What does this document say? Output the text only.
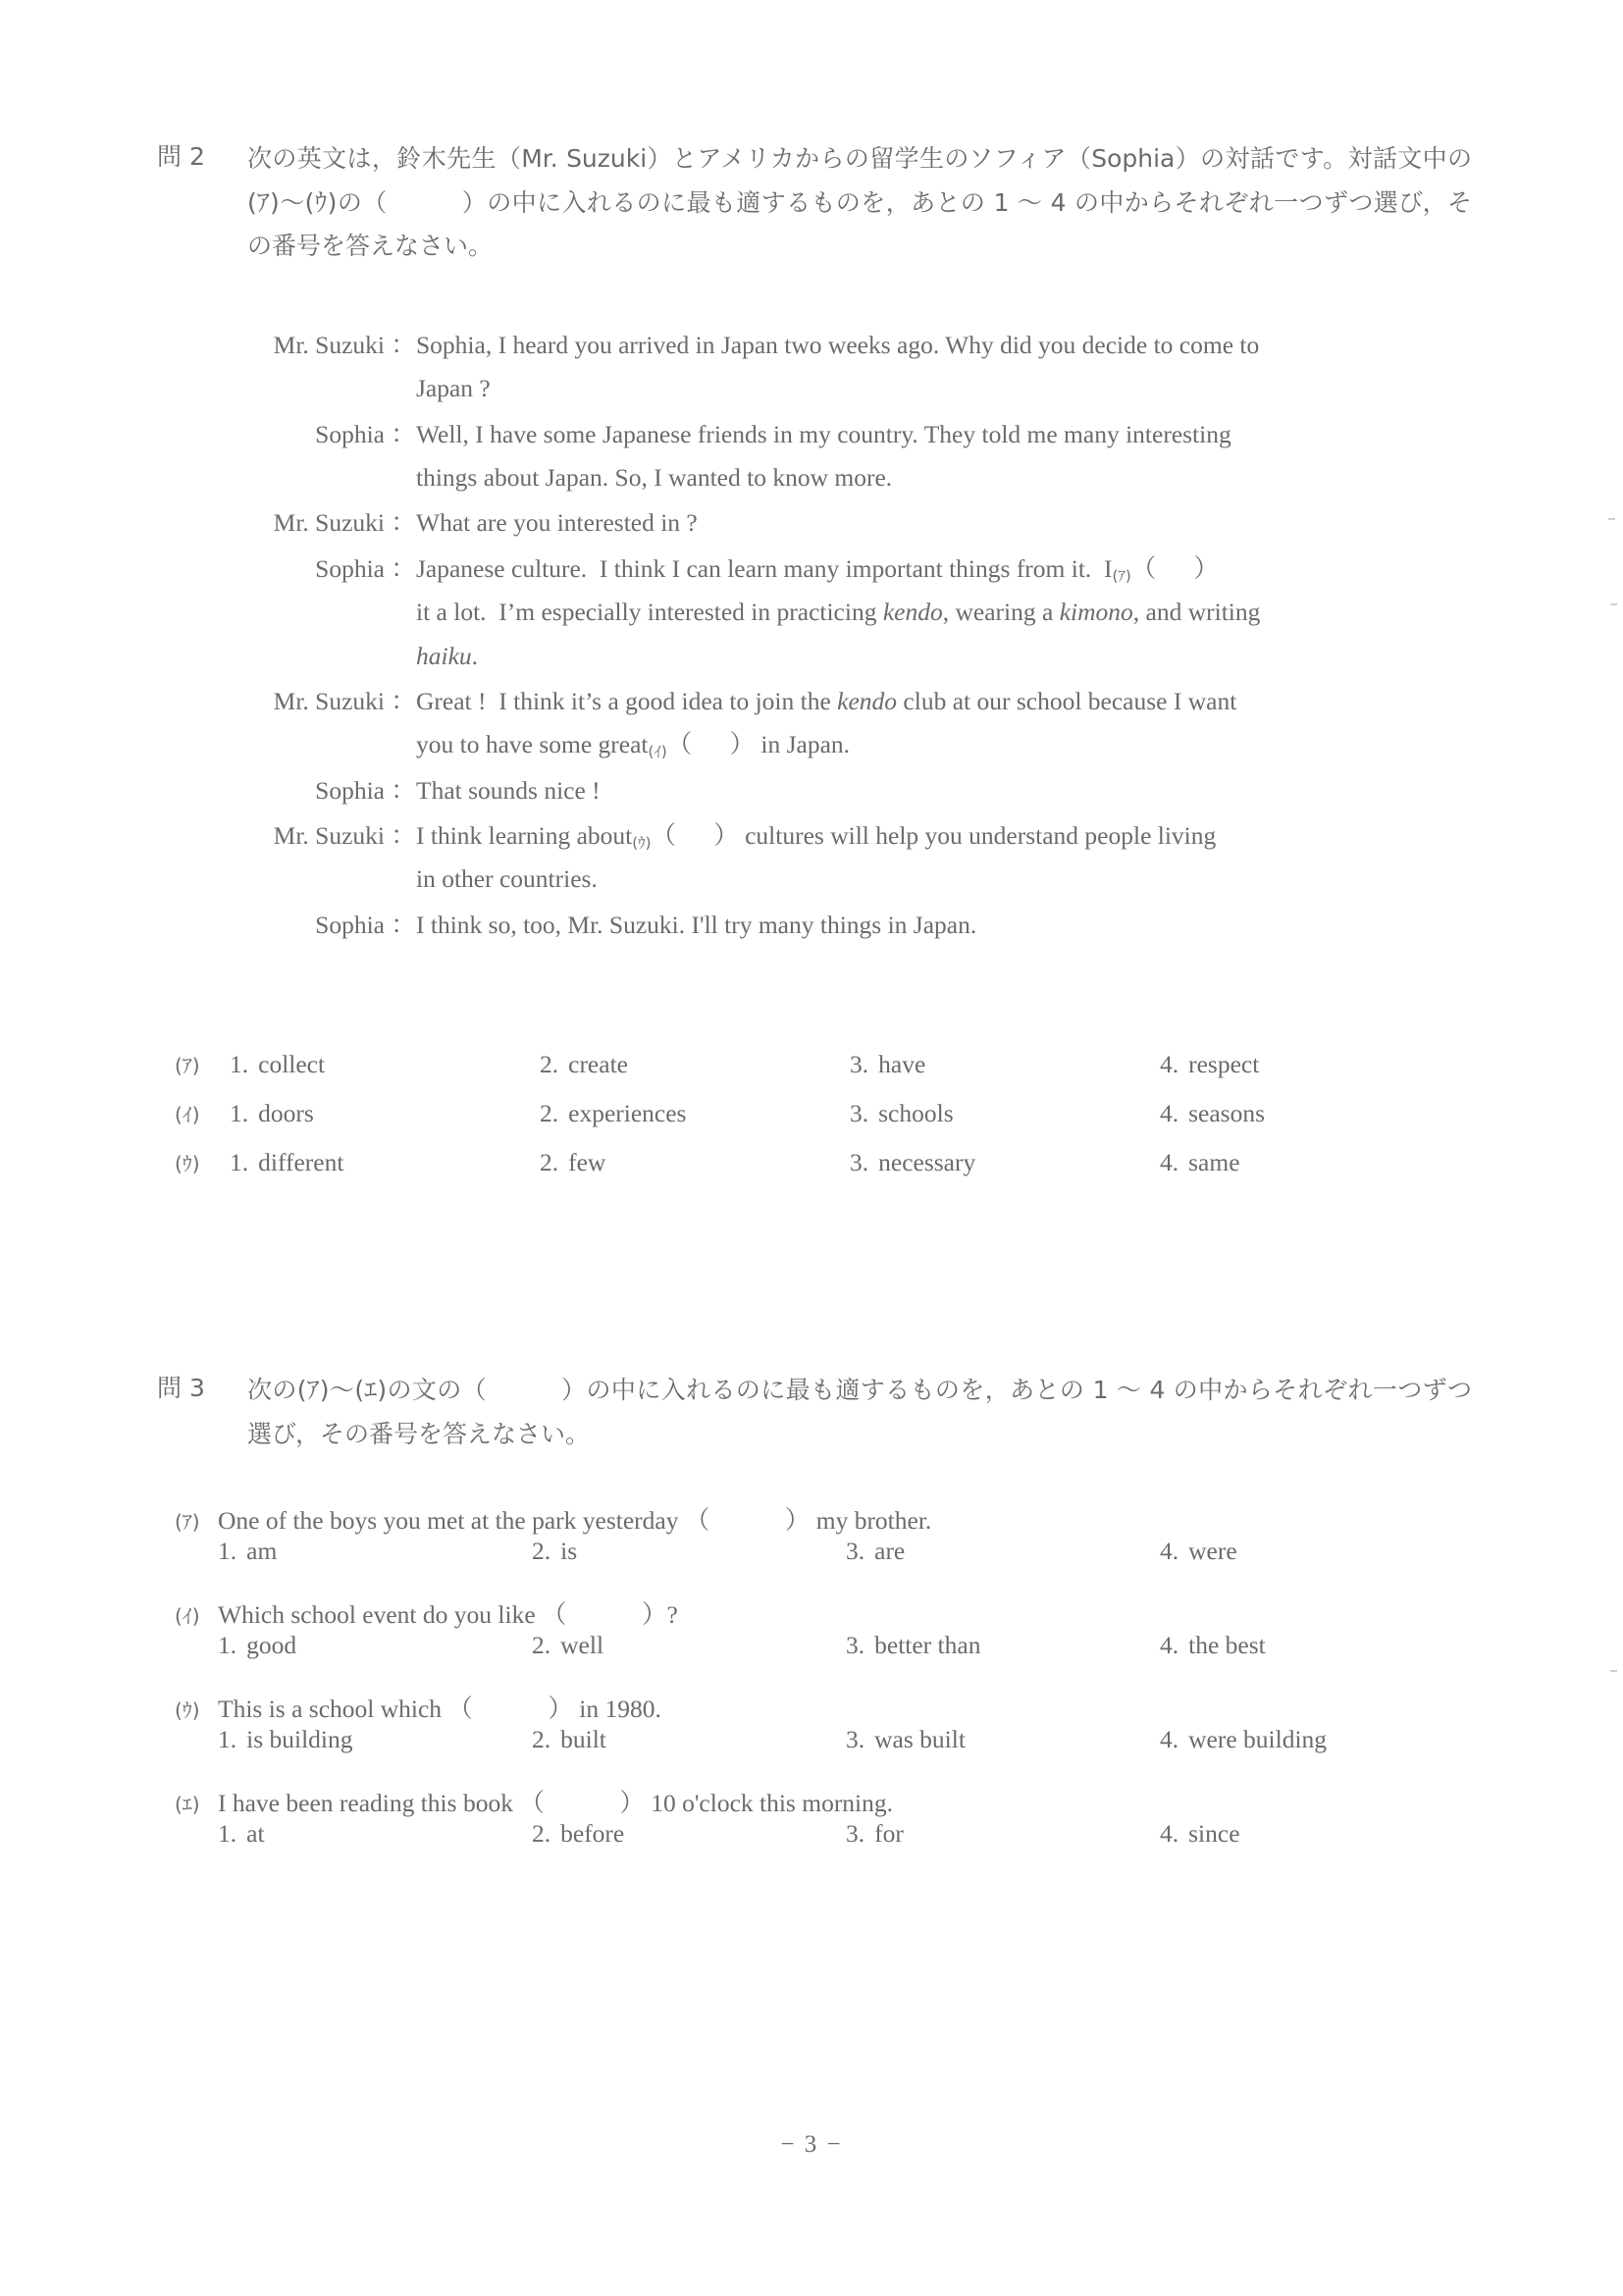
問 2	次の英文は，鈴木先生（Mr. Suzuki）とアメリカからの留学生のソフィア（Sophia）の対話です。対話文中の(ｱ)～(ｳ)の（　　　）の中に入れるのに最も適するものを，あとの 1 ～ 4 の中からそれぞれ一つずつ選び，その番号を答えなさい。
Mr. Suzuki ： Sophia, I heard you arrived in Japan two weeks ago. Why did you decide to come to
Japan ?
Sophia ： Well, I have some Japanese friends in my country. They told me many interesting
things about Japan. So, I wanted to know more.
Mr. Suzuki ： What are you interested in ?
Sophia ： Japanese culture.  I think I can learn many important things from it.  I(ｱ)（      ）
it a lot.  I’m especially interested in practicing kendo, wearing a kimono, and writing
haiku.
Mr. Suzuki ： Great !  I think it’s a good idea to join the kendo club at our school because I want
you to have some great(ｲ)（      ） in Japan.
Sophia ： That sounds nice !
Mr. Suzuki ： I think learning about(ｳ)（      ） cultures will help you understand people living
in other countries.
Sophia ： I think so, too, Mr. Suzuki. I'll try many things in Japan.
(ｱ)	1. collect	2. create	3. have	4. respect
(ｲ)	1. doors	2. experiences	3. schools	4. seasons
(ｳ)	1. different	2. few	3. necessary	4. same
問 3	次の(ｱ)～(ｴ)の文の（　　　）の中に入れるのに最も適するものを，あとの 1 ～ 4 の中からそれぞれ一つずつ選び，その番号を答えなさい。
(ｱ) One of the boys you met at the park yesterday （　　　） my brother.
1. am	2. is	3. are	4. were
(ｲ) Which school event do you like （　　　）?
1. good	2. well	3. better than	4. the best
(ｳ) This is a school which （　　　） in 1980.
1. is building	2. built	3. was built	4. were building
(ｴ) I have been reading this book （　　　） 10 o'clock this morning.
1. at	2. before	3. for	4. since
− 3 −
